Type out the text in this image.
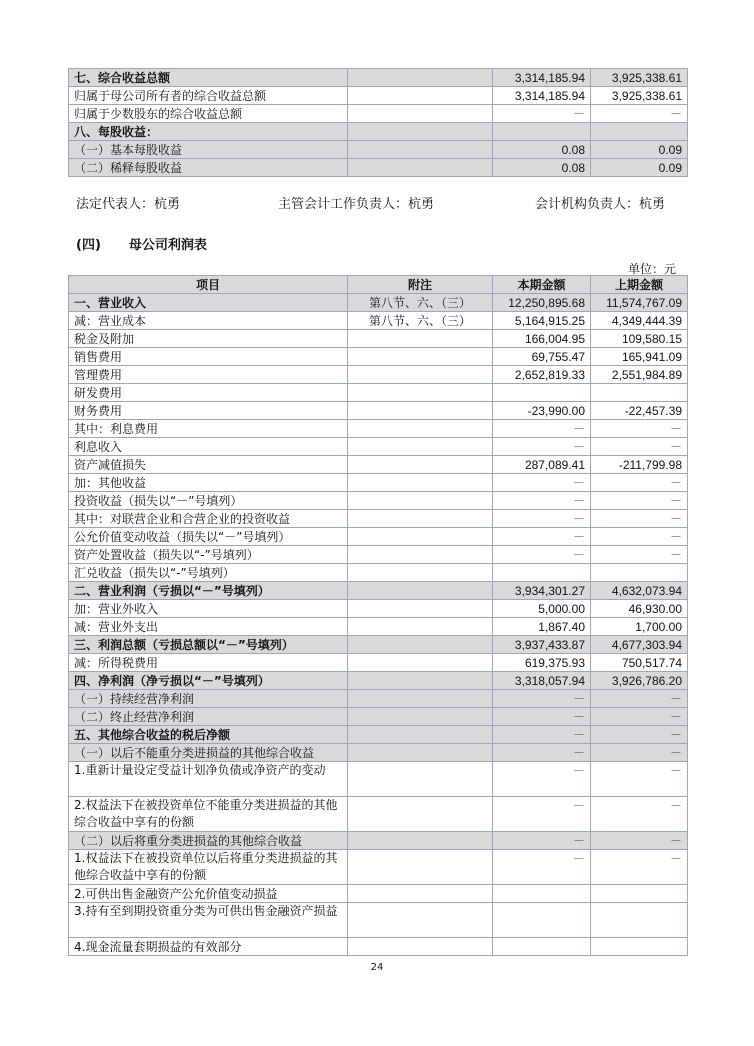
七、综合收益总额		3,314,185.94	3,925,338.61
归属于母公司所有者的综合收益总额		3,314,185.94	3,925,338.61
归属于少数股东的综合收益总额		－	－
八、每股收益：			
（一）基本每股收益		0.08	0.09
（二）稀释每股收益		0.08	0.09
法定代表人：杭勇	主管会计工作负责人：杭勇	会计机构负责人：杭勇
(四) 母公司利润表
单位：元
项目	附注	本期金额	上期金额
一、营业收入	第八节、六、（三）	12,250,895.68	11,574,767.09
减：营业成本	第八节、六、（三）	5,164,915.25	4,349,444.39
税金及附加		166,004.95	109,580.15
销售费用		69,755.47	165,941.09
管理费用		2,652,819.33	2,551,984.89
研发费用			
财务费用		-23,990.00	-22,457.39
其中：利息费用		－	－
利息收入		－	－
资产减值损失		287,089.41	-211,799.98
加：其他收益		－	－
投资收益（损失以“－”号填列）		－	－
其中：对联营企业和合营企业的投资收益		－	－
公允价值变动收益（损失以“－”号填列）		－	－
资产处置收益（损失以“-”号填列）		－	－
汇兑收益（损失以“-”号填列）			
二、营业利润（亏损以“－”号填列）		3,934,301.27	4,632,073.94
加：营业外收入		5,000.00	46,930.00
减：营业外支出		1,867.40	1,700.00
三、利润总额（亏损总额以“－”号填列）		3,937,433.87	4,677,303.94
减：所得税费用		619,375.93	750,517.74
四、净利润（净亏损以“－”号填列）		3,318,057.94	3,926,786.20
（一）持续经营净利润		－	－
（二）终止经营净利润		－	－
五、其他综合收益的税后净额		－	－
（一）以后不能重分类进损益的其他综合收益		－	－
1.重新计量设定受益计划净负债或净资产的变动		－	－
2.权益法下在被投资单位不能重分类进损益的其他综合收益中享有的份额		－	－
（二）以后将重分类进损益的其他综合收益		－	－
1.权益法下在被投资单位以后将重分类进损益的其他综合收益中享有的份额		－	－
2.可供出售金融资产公允价值变动损益			
3.持有至到期投资重分类为可供出售金融资产损益			
4.现金流量套期损益的有效部分			
24
